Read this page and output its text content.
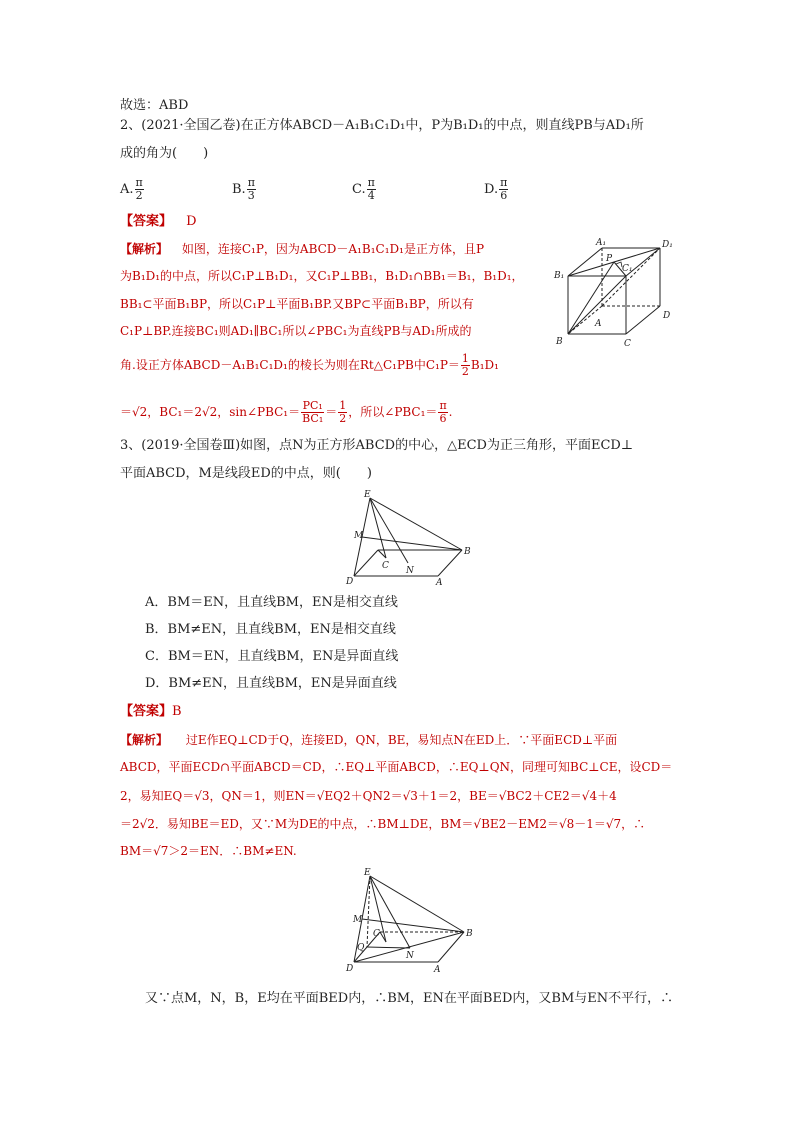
故选：ABD
2、(2021·全国乙卷)在正方体ABCD－A₁B₁C₁D₁中，P为B₁D₁的中点，则直线PB与AD₁所
成的角为(　　)
A. $\frac{\pi}{2}$	B. $\frac{\pi}{3}$	C. $\frac{\pi}{4}$	D. $\frac{\pi}{6}$
【答案】 D
【解析】 如图，连接C₁P，因为ABCD－A₁B₁C₁D₁是正方体，且P
为B₁D₁的中点，所以C₁P⊥B₁D₁，又C₁P⊥BB₁，B₁D₁∩BB₁＝B₁，B₁D₁，
BB₁⊂平面B₁BP，所以C₁P⊥平面B₁BP.又BP⊂平面B₁BP，所以有
C₁P⊥BP.连接BC₁则AD₁∥BC₁所以∠PBC₁为直线PB与AD₁所成的
角.设正方体ABCD－A₁B₁C₁D₁的棱长为则在Rt△C₁PB中$C_1P= \frac{1}{2} B_1D_1$
＝√2，BC₁＝2√2，sin∠PBC₁＝ $\frac{\text{PC₁}}{\text{BC₁}} = \frac{1}{2}$ ，所以∠PBC₁＝ $\frac{\pi}{6}$ .
A₁	D₁
B₁
P
C₁
A
D
B	C
3、(2019·全国卷Ⅲ)如图，点N为正方形ABCD的中心，△ECD为正三角形，平面ECD⊥
平面ABCD，M是线段ED的中点，则(　　)
E
M
C N
B
D	A
A．BM＝EN，且直线BM，EN是相交直线
B．BM≠EN，且直线BM，EN是相交直线
C．BM＝EN，且直线BM，EN是异面直线
D．BM≠EN，且直线BM，EN是异面直线
【答案】B
【解析】 过E作EQ⊥CD于Q，连接ED，QN，BE，易知点N在ED上．∵平面ECD⊥平面
ABCD，平面ECD∩平面ABCD＝CD，∴EQ⊥平面ABCD，∴EQ⊥QN，同理可知BC⊥CE，设CD＝
2，易知EQ＝√3，QN＝1，则EN＝√EQ2＋QN2＝√3＋1＝2，BE＝√BC2＋CE2＝√4＋4
＝2√2．易知BE＝ED，又∵M为DE的中点，∴BM⊥DE，BM＝√BE2－EM2＝√8－1＝√7，∴
BM＝√7＞2＝EN．∴BM≠EN.
E
M
C
Q
N
B
D	A
又∵点M，N，B，E均在平面BED内，∴BM，EN在平面BED内，又BM与EN不平行，∴
